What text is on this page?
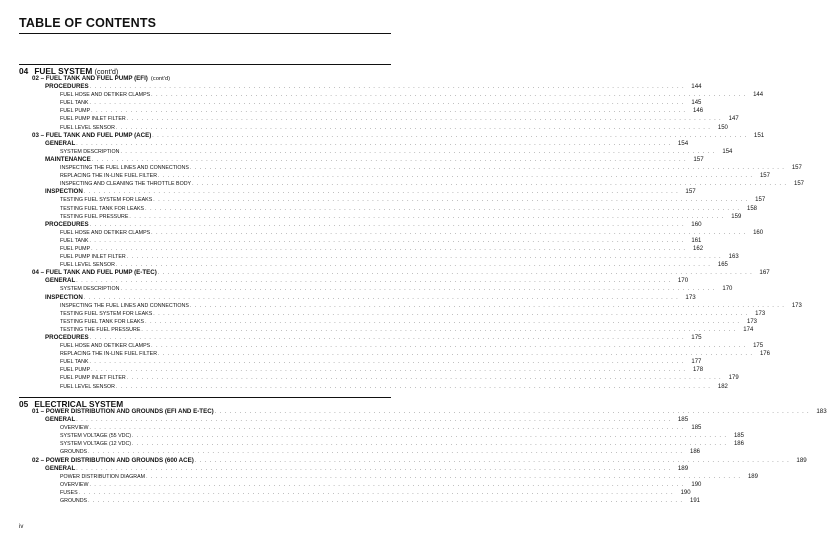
TABLE OF CONTENTS
04 FUEL SYSTEM (cont'd)
02 – FUEL TANK AND FUEL PUMP (EFI) (cont'd)
PROCEDURES . . . . . . . . . . . . . . . . . . . . . . . . . . . . . . . . . . . . . . . . . . . . . . . . . . . . . . . . . . . . . . . . . . . . . . . . . . . . . . . . . . . . . . . . . . . . . . . . . . . . . . . . . . . . . . . . . . . . . . . .	144
FUEL HOSE AND OETIKER CLAMPS . . . . . . . . . . . . . . . . . . . . . . . . . . . . . . . . . . . . . . . . . . . . . . . . . . . . . . . . . . . . . . . . . . . . . . . . . . . . . . . . . . . . . . . . . . . . . . . . . . . . . . . . . . . . . . . . . . . . . . . .	144
FUEL TANK . . . . . . . . . . . . . . . . . . . . . . . . . . . . . . . . . . . . . . . . . . . . . . . . . . . . . . . . . . . . . . . . . . . . . . . . . . . . . . . . . . . . . . . . . . . . . . . . . . . . . . . . . . . . . . . . . . . . . . . .	145
FUEL PUMP . . . . . . . . . . . . . . . . . . . . . . . . . . . . . . . . . . . . . . . . . . . . . . . . . . . . . . . . . . . . . . . . . . . . . . . . . . . . . . . . . . . . . . . . . . . . . . . . . . . . . . . . . . . . . . . . . . . . . . . .	146
FUEL PUMP INLET FILTER . . . . . . . . . . . . . . . . . . . . . . . . . . . . . . . . . . . . . . . . . . . . . . . . . . . . . . . . . . . . . . . . . . . . . . . . . . . . . . . . . . . . . . . . . . . . . . . . . . . . . . . . . . . . . . . . . . . . . . . .	147
FUEL LEVEL SENSOR . . . . . . . . . . . . . . . . . . . . . . . . . . . . . . . . . . . . . . . . . . . . . . . . . . . . . . . . . . . . . . . . . . . . . . . . . . . . . . . . . . . . . . . . . . . . . . . . . . . . . . . . . . . . . . . . . . . . . . . .	150
03 – FUEL TANK AND FUEL PUMP (ACE) . . . . . . . . . . . . . . . . . . . . . . . . . . . . . . . . . . . . . . . . . . . . . . . . . . . . . . . . . . . . . . . . . . . . . . . . . . . . . . . . . . . . . . . . . . . . . . . . . . . . . . . . . . . . . . . . . . . . . . . .	151
GENERAL . . . . . . . . . . . . . . . . . . . . . . . . . . . . . . . . . . . . . . . . . . . . . . . . . . . . . . . . . . . . . . . . . . . . . . . . . . . . . . . . . . . . . . . . . . . . . . . . . . . . . . . . . . . . . . . . . . . . . . . .	154
SYSTEM DESCRIPTION . . . . . . . . . . . . . . . . . . . . . . . . . . . . . . . . . . . . . . . . . . . . . . . . . . . . . . . . . . . . . . . . . . . . . . . . . . . . . . . . . . . . . . . . . . . . . . . . . . . . . . . . . . . . . . . . . . . . . . . .	154
MAINTENANCE . . . . . . . . . . . . . . . . . . . . . . . . . . . . . . . . . . . . . . . . . . . . . . . . . . . . . . . . . . . . . . . . . . . . . . . . . . . . . . . . . . . . . . . . . . . . . . . . . . . . . . . . . . . . . . . . . . . . . . . .	157
INSPECTING THE FUEL LINES AND CONNECTIONS . . . . . . . . . . . . . . . . . . . . . . . . . . . . . . . . . . . . . . . . . . . . . . . . . . . . . . . . . . . . . . . . . . . . . . . . . . . . . . . . . . . . . . . . . . . . . . . . . . . . . . . . . . . . . . . . . . . . . . . .	157
REPLACING THE IN-LINE FUEL FILTER . . . . . . . . . . . . . . . . . . . . . . . . . . . . . . . . . . . . . . . . . . . . . . . . . . . . . . . . . . . . . . . . . . . . . . . . . . . . . . . . . . . . . . . . . . . . . . . . . . . . . . . . . . . . . . . . . . . . . . . .	157
INSPECTING AND CLEANING THE THROTTLE BODY . . . . . . . . . . . . . . . . . . . . . . . . . . . . . . . . . . . . . . . . . . . . . . . . . . . . . . . . . . . . . . . . . . . . . . . . . . . . . . . . . . . . . . . . . . . . . . . . . . . . . . . . . . . . . . . . . . . . . . . .	157
INSPECTION . . . . . . . . . . . . . . . . . . . . . . . . . . . . . . . . . . . . . . . . . . . . . . . . . . . . . . . . . . . . . . . . . . . . . . . . . . . . . . . . . . . . . . . . . . . . . . . . . . . . . . . . . . . . . . . . . . . . . . . .	157
TESTING FUEL SYSTEM FOR LEAKS . . . . . . . . . . . . . . . . . . . . . . . . . . . . . . . . . . . . . . . . . . . . . . . . . . . . . . . . . . . . . . . . . . . . . . . . . . . . . . . . . . . . . . . . . . . . . . . . . . . . . . . . . . . . . . . . . . . . . . . .	157
TESTING FUEL TANK FOR LEAKS . . . . . . . . . . . . . . . . . . . . . . . . . . . . . . . . . . . . . . . . . . . . . . . . . . . . . . . . . . . . . . . . . . . . . . . . . . . . . . . . . . . . . . . . . . . . . . . . . . . . . . . . . . . . . . . . . . . . . . . .	158
TESTING FUEL PRESSURE . . . . . . . . . . . . . . . . . . . . . . . . . . . . . . . . . . . . . . . . . . . . . . . . . . . . . . . . . . . . . . . . . . . . . . . . . . . . . . . . . . . . . . . . . . . . . . . . . . . . . . . . . . . . . . . . . . . . . . . .	159
PROCEDURES . . . . . . . . . . . . . . . . . . . . . . . . . . . . . . . . . . . . . . . . . . . . . . . . . . . . . . . . . . . . . . . . . . . . . . . . . . . . . . . . . . . . . . . . . . . . . . . . . . . . . . . . . . . . . . . . . . . . . . . .	160
FUEL HOSE AND OETIKER CLAMPS . . . . . . . . . . . . . . . . . . . . . . . . . . . . . . . . . . . . . . . . . . . . . . . . . . . . . . . . . . . . . . . . . . . . . . . . . . . . . . . . . . . . . . . . . . . . . . . . . . . . . . . . . . . . . . . . . . . . . . . .	160
FUEL TANK . . . . . . . . . . . . . . . . . . . . . . . . . . . . . . . . . . . . . . . . . . . . . . . . . . . . . . . . . . . . . . . . . . . . . . . . . . . . . . . . . . . . . . . . . . . . . . . . . . . . . . . . . . . . . . . . . . . . . . . .	161
FUEL PUMP . . . . . . . . . . . . . . . . . . . . . . . . . . . . . . . . . . . . . . . . . . . . . . . . . . . . . . . . . . . . . . . . . . . . . . . . . . . . . . . . . . . . . . . . . . . . . . . . . . . . . . . . . . . . . . . . . . . . . . . .	162
FUEL PUMP INLET FILTER . . . . . . . . . . . . . . . . . . . . . . . . . . . . . . . . . . . . . . . . . . . . . . . . . . . . . . . . . . . . . . . . . . . . . . . . . . . . . . . . . . . . . . . . . . . . . . . . . . . . . . . . . . . . . . . . . . . . . . . .	163
FUEL LEVEL SENSOR . . . . . . . . . . . . . . . . . . . . . . . . . . . . . . . . . . . . . . . . . . . . . . . . . . . . . . . . . . . . . . . . . . . . . . . . . . . . . . . . . . . . . . . . . . . . . . . . . . . . . . . . . . . . . . . . . . . . . . . .	165
04 – FUEL TANK AND FUEL PUMP (E-TEC) . . . . . . . . . . . . . . . . . . . . . . . . . . . . . . . . . . . . . . . . . . . . . . . . . . . . . . . . . . . . . . . . . . . . . . . . . . . . . . . . . . . . . . . . . . . . . . . . . . . . . . . . . . . . . . . . . . . . . . . .	167
GENERAL . . . . . . . . . . . . . . . . . . . . . . . . . . . . . . . . . . . . . . . . . . . . . . . . . . . . . . . . . . . . . . . . . . . . . . . . . . . . . . . . . . . . . . . . . . . . . . . . . . . . . . . . . . . . . . . . . . . . . . . .	170
SYSTEM DESCRIPTION . . . . . . . . . . . . . . . . . . . . . . . . . . . . . . . . . . . . . . . . . . . . . . . . . . . . . . . . . . . . . . . . . . . . . . . . . . . . . . . . . . . . . . . . . . . . . . . . . . . . . . . . . . . . . . . . . . . . . . . .	170
INSPECTION . . . . . . . . . . . . . . . . . . . . . . . . . . . . . . . . . . . . . . . . . . . . . . . . . . . . . . . . . . . . . . . . . . . . . . . . . . . . . . . . . . . . . . . . . . . . . . . . . . . . . . . . . . . . . . . . . . . . . . . .	173
INSPECTING THE FUEL LINES AND CONNECTIONS . . . . . . . . . . . . . . . . . . . . . . . . . . . . . . . . . . . . . . . . . . . . . . . . . . . . . . . . . . . . . . . . . . . . . . . . . . . . . . . . . . . . . . . . . . . . . . . . . . . . . . . . . . . . . . . . . . . . . . . .	173
TESTING FUEL SYSTEM FOR LEAKS . . . . . . . . . . . . . . . . . . . . . . . . . . . . . . . . . . . . . . . . . . . . . . . . . . . . . . . . . . . . . . . . . . . . . . . . . . . . . . . . . . . . . . . . . . . . . . . . . . . . . . . . . . . . . . . . . . . . . . . .	173
TESTING FUEL TANK FOR LEAKS . . . . . . . . . . . . . . . . . . . . . . . . . . . . . . . . . . . . . . . . . . . . . . . . . . . . . . . . . . . . . . . . . . . . . . . . . . . . . . . . . . . . . . . . . . . . . . . . . . . . . . . . . . . . . . . . . . . . . . . .	173
TESTING THE FUEL PRESSURE . . . . . . . . . . . . . . . . . . . . . . . . . . . . . . . . . . . . . . . . . . . . . . . . . . . . . . . . . . . . . . . . . . . . . . . . . . . . . . . . . . . . . . . . . . . . . . . . . . . . . . . . . . . . . . . . . . . . . . . .	174
PROCEDURES . . . . . . . . . . . . . . . . . . . . . . . . . . . . . . . . . . . . . . . . . . . . . . . . . . . . . . . . . . . . . . . . . . . . . . . . . . . . . . . . . . . . . . . . . . . . . . . . . . . . . . . . . . . . . . . . . . . . . . . .	175
FUEL HOSE AND OETIKER CLAMPS . . . . . . . . . . . . . . . . . . . . . . . . . . . . . . . . . . . . . . . . . . . . . . . . . . . . . . . . . . . . . . . . . . . . . . . . . . . . . . . . . . . . . . . . . . . . . . . . . . . . . . . . . . . . . . . . . . . . . . . .	175
REPLACING THE IN-LINE FUEL FILTER . . . . . . . . . . . . . . . . . . . . . . . . . . . . . . . . . . . . . . . . . . . . . . . . . . . . . . . . . . . . . . . . . . . . . . . . . . . . . . . . . . . . . . . . . . . . . . . . . . . . . . . . . . . . . . . . . . . . . . . .	176
FUEL TANK . . . . . . . . . . . . . . . . . . . . . . . . . . . . . . . . . . . . . . . . . . . . . . . . . . . . . . . . . . . . . . . . . . . . . . . . . . . . . . . . . . . . . . . . . . . . . . . . . . . . . . . . . . . . . . . . . . . . . . . .	177
FUEL PUMP . . . . . . . . . . . . . . . . . . . . . . . . . . . . . . . . . . . . . . . . . . . . . . . . . . . . . . . . . . . . . . . . . . . . . . . . . . . . . . . . . . . . . . . . . . . . . . . . . . . . . . . . . . . . . . . . . . . . . . . .	178
FUEL PUMP INLET FILTER . . . . . . . . . . . . . . . . . . . . . . . . . . . . . . . . . . . . . . . . . . . . . . . . . . . . . . . . . . . . . . . . . . . . . . . . . . . . . . . . . . . . . . . . . . . . . . . . . . . . . . . . . . . . . . . . . . . . . . . .	179
FUEL LEVEL SENSOR . . . . . . . . . . . . . . . . . . . . . . . . . . . . . . . . . . . . . . . . . . . . . . . . . . . . . . . . . . . . . . . . . . . . . . . . . . . . . . . . . . . . . . . . . . . . . . . . . . . . . . . . . . . . . . . . . . . . . . . .	182
05 ELECTRICAL SYSTEM
01 – POWER DISTRIBUTION AND GROUNDS (EFI AND E-TEC) . . . . . . . . . . . . . . . . . . . . . . . . . . . . . . . . . . . . . . . . . . . . . . . . . . . . . . . . . . . . . . . . . . . . . . . . . . . . . . . . . . . . . . . . . . . . . . . . . . . . . . . . . . . . . . . . . . . . . . . .	183
GENERAL . . . . . . . . . . . . . . . . . . . . . . . . . . . . . . . . . . . . . . . . . . . . . . . . . . . . . . . . . . . . . . . . . . . . . . . . . . . . . . . . . . . . . . . . . . . . . . . . . . . . . . . . . . . . . . . . . . . . . . . .	185
OVERVIEW . . . . . . . . . . . . . . . . . . . . . . . . . . . . . . . . . . . . . . . . . . . . . . . . . . . . . . . . . . . . . . . . . . . . . . . . . . . . . . . . . . . . . . . . . . . . . . . . . . . . . . . . . . . . . . . . . . . . . . . .	185
SYSTEM VOLTAGE (55 VDC) . . . . . . . . . . . . . . . . . . . . . . . . . . . . . . . . . . . . . . . . . . . . . . . . . . . . . . . . . . . . . . . . . . . . . . . . . . . . . . . . . . . . . . . . . . . . . . . . . . . . . . . . . . . . . . . . . . . . . . . .	185
SYSTEM VOLTAGE (12 VDC) . . . . . . . . . . . . . . . . . . . . . . . . . . . . . . . . . . . . . . . . . . . . . . . . . . . . . . . . . . . . . . . . . . . . . . . . . . . . . . . . . . . . . . . . . . . . . . . . . . . . . . . . . . . . . . . . . . . . . . . .	186
GROUNDS . . . . . . . . . . . . . . . . . . . . . . . . . . . . . . . . . . . . . . . . . . . . . . . . . . . . . . . . . . . . . . . . . . . . . . . . . . . . . . . . . . . . . . . . . . . . . . . . . . . . . . . . . . . . . . . . . . . . . . . .	186
02 – POWER DISTRIBUTION AND GROUNDS (600 ACE) . . . . . . . . . . . . . . . . . . . . . . . . . . . . . . . . . . . . . . . . . . . . . . . . . . . . . . . . . . . . . . . . . . . . . . . . . . . . . . . . . . . . . . . . . . . . . . . . . . . . . . . . . . . . . . . . . . . . . . . .	189
GENERAL . . . . . . . . . . . . . . . . . . . . . . . . . . . . . . . . . . . . . . . . . . . . . . . . . . . . . . . . . . . . . . . . . . . . . . . . . . . . . . . . . . . . . . . . . . . . . . . . . . . . . . . . . . . . . . . . . . . . . . . .	189
POWER DISTRIBUTION DIAGRAM . . . . . . . . . . . . . . . . . . . . . . . . . . . . . . . . . . . . . . . . . . . . . . . . . . . . . . . . . . . . . . . . . . . . . . . . . . . . . . . . . . . . . . . . . . . . . . . . . . . . . . . . . . . . . . . . . . . . . . . .	189
OVERVIEW . . . . . . . . . . . . . . . . . . . . . . . . . . . . . . . . . . . . . . . . . . . . . . . . . . . . . . . . . . . . . . . . . . . . . . . . . . . . . . . . . . . . . . . . . . . . . . . . . . . . . . . . . . . . . . . . . . . . . . . .	190
FUSES . . . . . . . . . . . . . . . . . . . . . . . . . . . . . . . . . . . . . . . . . . . . . . . . . . . . . . . . . . . . . . . . . . . . . . . . . . . . . . . . . . . . . . . . . . . . . . . . . . . . . . . . . . . . . . . . . . . . . . . .	190
GROUNDS . . . . . . . . . . . . . . . . . . . . . . . . . . . . . . . . . . . . . . . . . . . . . . . . . . . . . . . . . . . . . . . . . . . . . . . . . . . . . . . . . . . . . . . . . . . . . . . . . . . . . . . . . . . . . . . . . . . . . . . .	191
iv
